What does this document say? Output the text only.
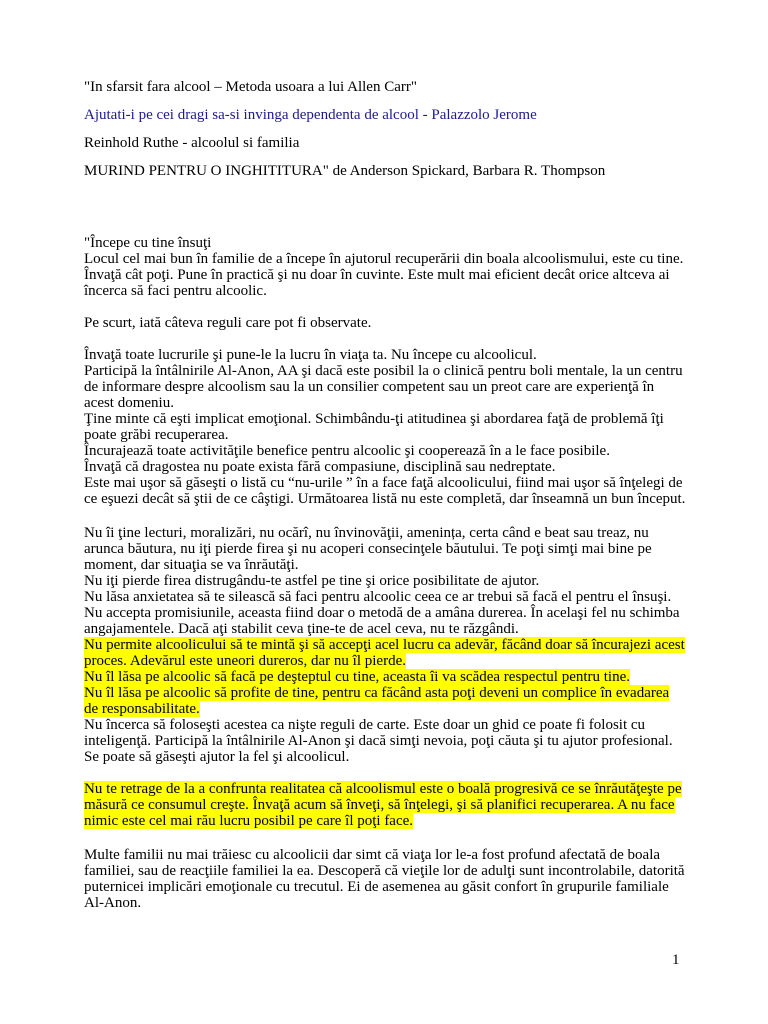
"In sfarsit fara alcool – Metoda usoara a lui Allen Carr"
Ajutati-i pe cei dragi sa-si invinga dependenta de alcool - Palazzolo Jerome
Reinhold Ruthe - alcoolul si familia
MURIND PENTRU O INGHITITURA" de Anderson Spickard, Barbara R. Thompson
"Începe cu tine însuţi
Locul cel mai bun în familie de a începe în ajutorul recuperării din boala alcoolismului, este cu tine.
Învaţă cât poţi. Pune în practică şi nu doar în cuvinte. Este mult mai eficient decât orice altceva ai
încerca să faci pentru alcoolic.
Pe scurt, iată câteva reguli care pot fi observate.
Învaţă toate lucrurile şi pune-le la lucru în viaţa ta. Nu începe cu alcoolicul.
Participă la întâlnirile Al-Anon, AA şi dacă este posibil la o clinică pentru boli mentale, la un centru
de informare despre alcoolism sau la un consilier competent sau un preot care are experienţă în
acest domeniu.
Ţine minte că eşti implicat emoţional. Schimbându-ţi atitudinea şi abordarea faţă de problemă îţi
poate grăbi recuperarea.
Încurajează toate activităţile benefice pentru alcoolic şi cooperează în a le face posibile.
Învaţă că dragostea nu poate exista fără compasiune, disciplină sau nedreptate.
Este mai uşor să găseşti o listă cu “nu-urile ” în a face faţă alcoolicului, fiind mai uşor să înţelegi de
ce eşuezi decât să ştii de ce câştigi. Următoarea listă nu este completă, dar înseamnă un bun început.
Nu îi ţine lecturi, moralizări, nu ocărî, nu învinovăţii, amenința, certa când e beat sau treaz, nu
arunca băutura, nu iţi pierde firea şi nu acoperi consecinţele băutului. Te poţi simţi mai bine pe
moment, dar situaţia se va înrăutăţi.
Nu iţi pierde firea distrugându-te astfel pe tine şi orice posibilitate de ajutor.
Nu lăsa anxietatea să te silească să faci pentru alcoolic ceea ce ar trebui să facă el pentru el însuşi.
Nu accepta promisiunile, aceasta fiind doar o metodă de a amâna durerea. În acelaşi fel nu schimba
angajamentele. Dacă aţi stabilit ceva ţine-te de acel ceva, nu te răzgândi.
Nu permite alcoolicului să te mintă şi să accepţi acel lucru ca adevăr, făcând doar să încurajezi acest
proces. Adevărul este uneori dureros, dar nu îl pierde.
Nu îl lăsa pe alcoolic să facă pe deşteptul cu tine, aceasta îi va scădea respectul pentru tine.
Nu îl lăsa pe alcoolic să profite de tine, pentru ca făcând asta poţi deveni un complice în evadarea
de responsabilitate.
Nu încerca să foloseşti acestea ca nişte reguli de carte. Este doar un ghid ce poate fi folosit cu
inteligenţă. Participă la întâlnirile Al-Anon şi dacă simţi nevoia, poţi căuta şi tu ajutor profesional.
Se poate să găseşti ajutor la fel şi alcoolicul.
Nu te retrage de la a confrunta realitatea că alcoolismul este o boală progresivă ce se înrăutăţeşte pe
măsură ce consumul creşte. Învaţă acum să înveţi, să înţelegi, şi să planifici recuperarea. A nu face
nimic este cel mai rău lucru posibil pe care îl poţi face.
Multe familii nu mai trăiesc cu alcoolicii dar simt că viaţa lor le-a fost profund afectată de boala
familiei, sau de reacţiile familiei la ea. Descoperă că vieţile lor de adulţi sunt incontrolabile, datorită
puternicei implicări emoţionale cu trecutul. Ei de asemenea au găsit confort în grupurile familiale
Al-Anon.
1
